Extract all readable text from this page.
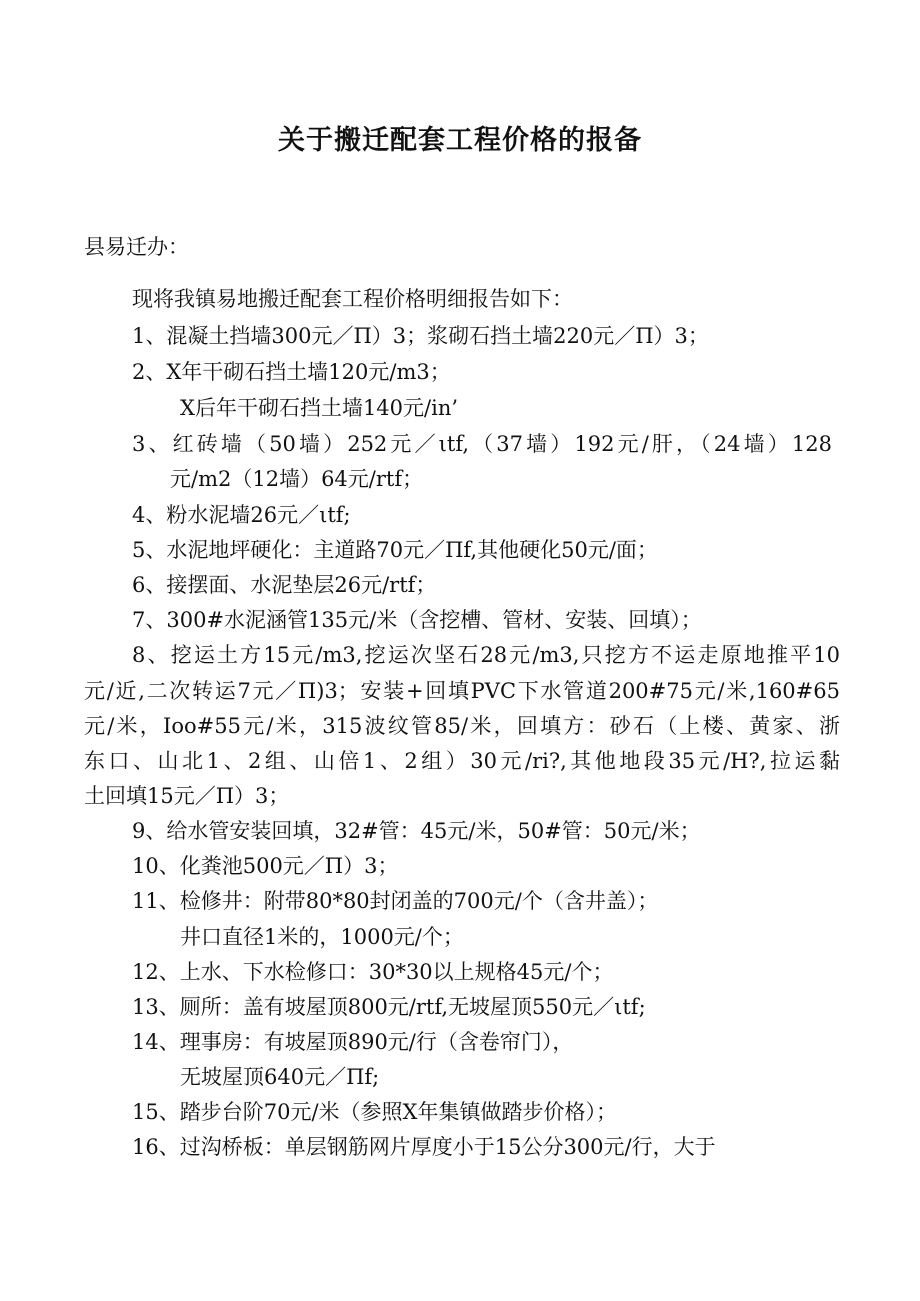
关于搬迁配套工程价格的报备
县易迁办：
现将我镇易地搬迁配套工程价格明细报告如下：
1、混凝土挡墙300元／Π）3；浆砌石挡土墙220元／Π）3；
2、X年干砌石挡土墙120元/m3；
X后年干砌石挡土墙140元/in’
3、红砖墙（50墙）252元／ιtf,（37墙）192元/肝，（24墙）128
元/m2（12墙）64元/rtf；
4、粉水泥墙26元／ιtf;
5、水泥地坪硬化：主道路70元／Πf,其他硬化50元/面；
6、接摆面、水泥垫层26元/rtf；
7、300#水泥涵管135元/米（含挖槽、管材、安装、回填）；
8、挖运土方15元/m3,挖运次坚石28元/m3,只挖方不运走原地推平10
元/近,二次转运7元／Π)3；安装+回填PVC下水管道200#75元/米,160#65
元/米，Ioo#55元/米，315波纹管85/米，回填方：砂石（上楼、黄家、浙
东口、山北1、2组、山倍1、2组）30元/ri?,其他地段35元/H?,拉运黏
土回填15元／Π）3；
9、给水管安装回填，32#管：45元/米，50#管：50元/米；
10、化粪池500元／Π）3；
11、检修井：附带80*80封闭盖的700元/个（含井盖）；
井口直径1米的，1000元/个；
12、上水、下水检修口：30*30以上规格45元/个；
13、厕所：盖有坡屋顶800元/rtf,无坡屋顶550元／ιtf;
14、理事房：有坡屋顶890元/行（含卷帘门），
无坡屋顶640元／Πf;
15、踏步台阶70元/米（参照X年集镇做踏步价格）；
16、过沟桥板：单层钢筋网片厚度小于15公分300元/行，大于
